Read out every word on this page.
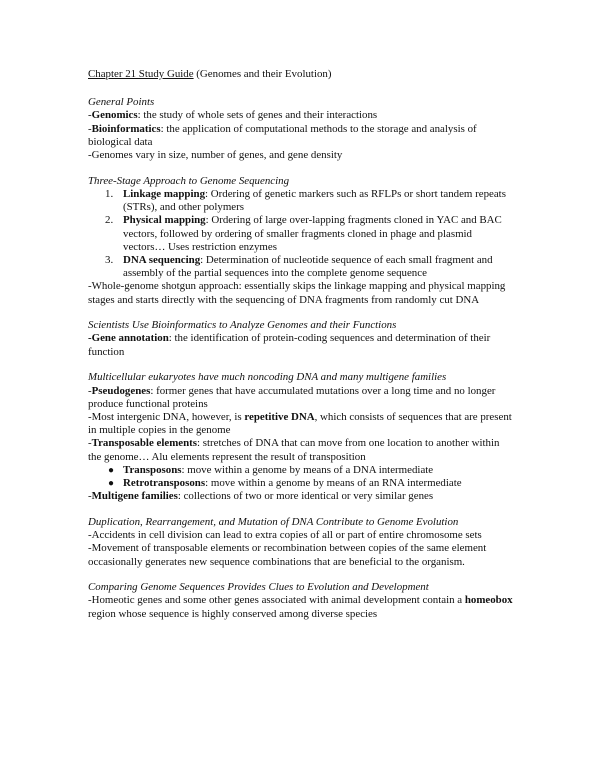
Chapter 21 Study Guide (Genomes and their Evolution)
General Points
-Genomics: the study of whole sets of genes and their interactions
-Bioinformatics: the application of computational methods to the storage and analysis of biological data
-Genomes vary in size, number of genes, and gene density
Three-Stage Approach to Genome Sequencing
1. Linkage mapping: Ordering of genetic markers such as RFLPs or short tandem repeats (STRs), and other polymers
2. Physical mapping: Ordering of large over-lapping fragments cloned in YAC and BAC vectors, followed by ordering of smaller fragments cloned in phage and plasmid vectors… Uses restriction enzymes
3. DNA sequencing: Determination of nucleotide sequence of each small fragment and assembly of the partial sequences into the complete genome sequence
-Whole-genome shotgun approach: essentially skips the linkage mapping and physical mapping stages and starts directly with the sequencing of DNA fragments from randomly cut DNA
Scientists Use Bioinformatics to Analyze Genomes and their Functions
-Gene annotation: the identification of protein-coding sequences and determination of their function
Multicellular eukaryotes have much noncoding DNA and many multigene families
-Pseudogenes: former genes that have accumulated mutations over a long time and no longer produce functional proteins
-Most intergenic DNA, however, is repetitive DNA, which consists of sequences that are present in multiple copies in the genome
-Transposable elements: stretches of DNA that can move from one location to another within the genome… Alu elements represent the result of transposition
● Transposons: move within a genome by means of a DNA intermediate
● Retrotransposons: move within a genome by means of an RNA intermediate
-Multigene families: collections of two or more identical or very similar genes
Duplication, Rearrangement, and Mutation of DNA Contribute to Genome Evolution
-Accidents in cell division can lead to extra copies of all or part of entire chromosome sets
-Movement of transposable elements or recombination between copies of the same element occasionally generates new sequence combinations that are beneficial to the organism.
Comparing Genome Sequences Provides Clues to Evolution and Development
-Homeotic genes and some other genes associated with animal development contain a homeobox region whose sequence is highly conserved among diverse species
